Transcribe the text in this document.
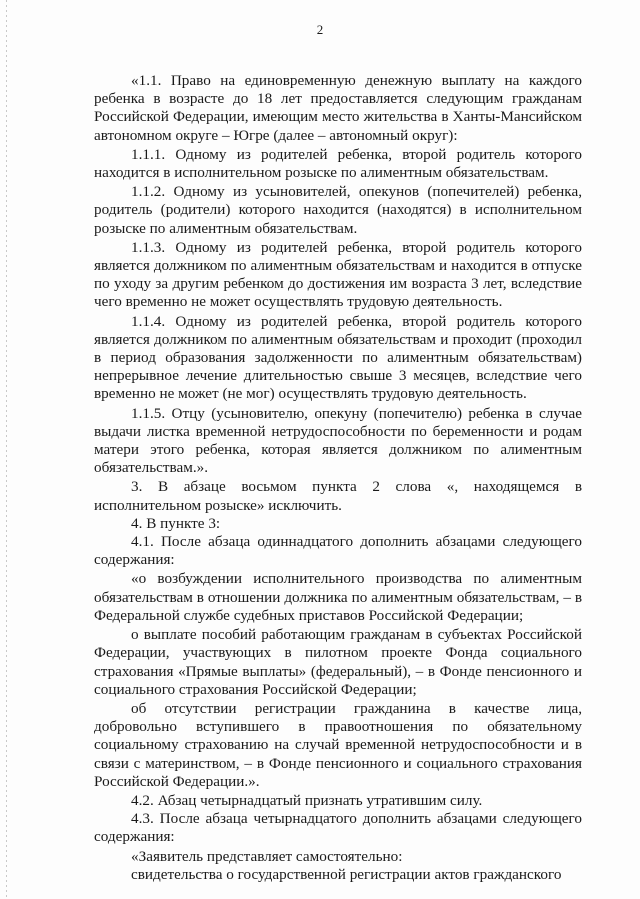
2

«1.1. Право на единовременную денежную выплату на каждого ребенка в возрасте до 18 лет предоставляется следующим гражданам Российской Федерации, имеющим место жительства в Ханты-Мансийском автономном округе – Югре (далее – автономный округ):

1.1.1. Одному из родителей ребенка, второй родитель которого находится в исполнительном розыске по алиментным обязательствам.

1.1.2. Одному из усыновителей, опекунов (попечителей) ребенка, родитель (родители) которого находится (находятся) в исполнительном розыске по алиментным обязательствам.

1.1.3. Одному из родителей ребенка, второй родитель которого является должником по алиментным обязательствам и находится в отпуске по уходу за другим ребенком до достижения им возраста 3 лет, вследствие чего временно не может осуществлять трудовую деятельность.

1.1.4. Одному из родителей ребенка, второй родитель которого является должником по алиментным обязательствам и проходит (проходил в период образования задолженности по алиментным обязательствам) непрерывное лечение длительностью свыше 3 месяцев, вследствие чего временно не может (не мог) осуществлять трудовую деятельность.

1.1.5. Отцу (усыновителю, опекуну (попечителю) ребенка в случае выдачи листка временной нетрудоспособности по беременности и родам матери этого ребенка, которая является должником по алиментным обязательствам.».

3. В абзаце восьмом пункта 2 слова «, находящемся в исполнительном розыске» исключить.

4. В пункте 3:

4.1. После абзаца одиннадцатого дополнить абзацами следующего содержания:

«о возбуждении исполнительного производства по алиментным обязательствам в отношении должника по алиментным обязательствам, – в Федеральной службе судебных приставов Российской Федерации;

о выплате пособий работающим гражданам в субъектах Российской Федерации, участвующих в пилотном проекте Фонда социального страхования «Прямые выплаты» (федеральный), – в Фонде пенсионного и социального страхования Российской Федерации;

об отсутствии регистрации гражданина в качестве лица, добровольно вступившего в правоотношения по обязательному социальному страхованию на случай временной нетрудоспособности и в связи с материнством, – в Фонде пенсионного и социального страхования Российской Федерации.».

4.2. Абзац четырнадцатый признать утратившим силу.

4.3. После абзаца четырнадцатого дополнить абзацами следующего содержания:

«Заявитель представляет самостоятельно:

свидетельства о государственной регистрации актов гражданского
